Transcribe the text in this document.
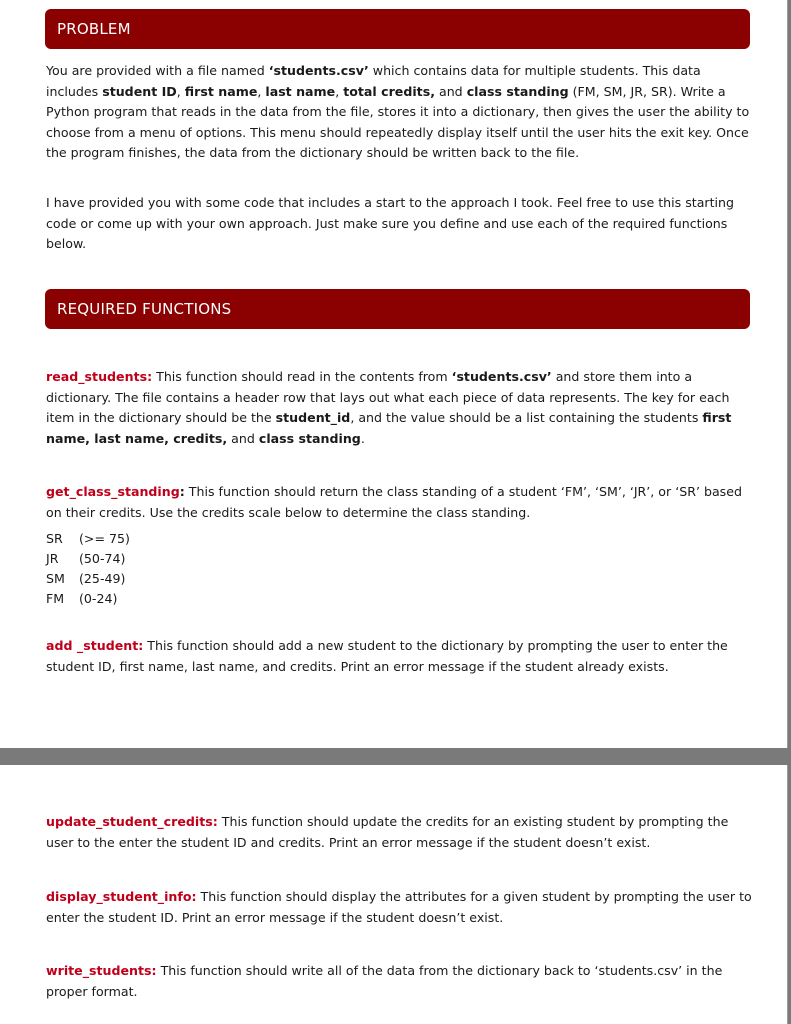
PROBLEM

You are provided with a file named ‘students.csv’ which contains data for multiple students. This data includes student ID, first name, last name, total credits, and class standing (FM, SM, JR, SR). Write a Python program that reads in the data from the file, stores it into a dictionary, then gives the user the ability to choose from a menu of options. This menu should repeatedly display itself until the user hits the exit key. Once the program finishes, the data from the dictionary should be written back to the file.

I have provided you with some code that includes a start to the approach I took. Feel free to use this starting code or come up with your own approach. Just make sure you define and use each of the required functions below.

REQUIRED FUNCTIONS

read_students: This function should read in the contents from ‘students.csv’ and store them into a dictionary. The file contains a header row that lays out what each piece of data represents. The key for each item in the dictionary should be the student_id, and the value should be a list containing the students first name, last name, credits, and class standing.

get_class_standing: This function should return the class standing of a student ‘FM’, ‘SM’, ‘JR’, or ‘SR’ based on their credits. Use the credits scale below to determine the class standing.

SR (>= 75)
JR (50-74)
SM (25-49)
FM (0-24)

add _student: This function should add a new student to the dictionary by prompting the user to enter the student ID, first name, last name, and credits. Print an error message if the student already exists.

update_student_credits: This function should update the credits for an existing student by prompting the user to the enter the student ID and credits. Print an error message if the student doesn’t exist.

display_student_info: This function should display the attributes for a given student by prompting the user to enter the student ID. Print an error message if the student doesn’t exist.

write_students: This function should write all of the data from the dictionary back to ‘students.csv’ in the proper format.
